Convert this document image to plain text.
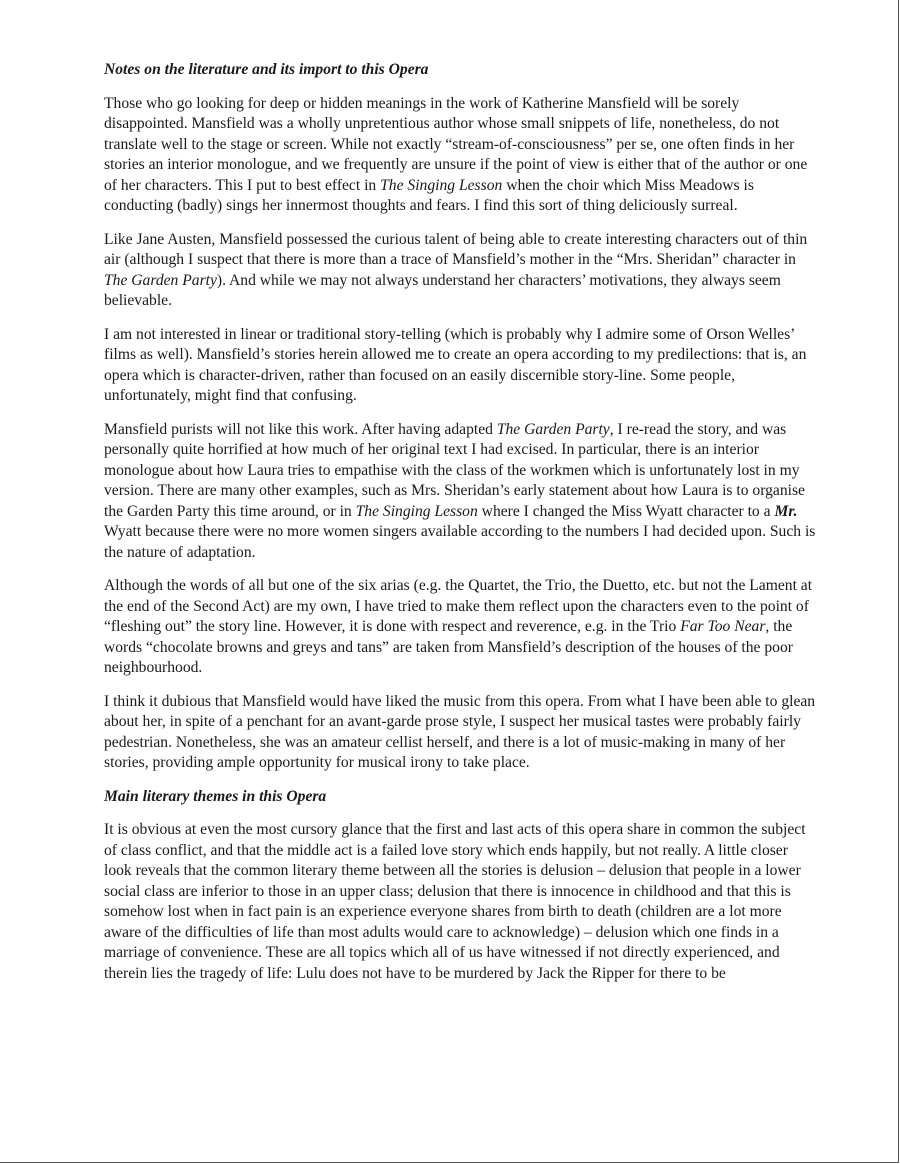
Notes on the literature and its import to this Opera

Those who go looking for deep or hidden meanings in the work of Katherine Mansfield will be sorely disappointed. Mansfield was a wholly unpretentious author whose small snippets of life, nonetheless, do not translate well to the stage or screen. While not exactly “stream-of-consciousness” per se, one often finds in her stories an interior monologue, and we frequently are unsure if the point of view is either that of the author or one of her characters. This I put to best effect in The Singing Lesson when the choir which Miss Meadows is conducting (badly) sings her innermost thoughts and fears. I find this sort of thing deliciously surreal.

Like Jane Austen, Mansfield possessed the curious talent of being able to create interesting characters out of thin air (although I suspect that there is more than a trace of Mansfield’s mother in the “Mrs. Sheridan” character in The Garden Party). And while we may not always understand her characters’ motivations, they always seem believable.

I am not interested in linear or traditional story-telling (which is probably why I admire some of Orson Welles’ films as well). Mansfield’s stories herein allowed me to create an opera according to my predilections: that is, an opera which is character-driven, rather than focused on an easily discernible story-line. Some people, unfortunately, might find that confusing.

Mansfield purists will not like this work. After having adapted The Garden Party, I re-read the story, and was personally quite horrified at how much of her original text I had excised. In particular, there is an interior monologue about how Laura tries to empathise with the class of the workmen which is unfortunately lost in my version. There are many other examples, such as Mrs. Sheridan’s early statement about how Laura is to organise the Garden Party this time around, or in The Singing Lesson where I changed the Miss Wyatt character to a Mr. Wyatt because there were no more women singers available according to the numbers I had decided upon. Such is the nature of adaptation.

Although the words of all but one of the six arias (e.g. the Quartet, the Trio, the Duetto, etc. but not the Lament at the end of the Second Act) are my own, I have tried to make them reflect upon the characters even to the point of “fleshing out” the story line. However, it is done with respect and reverence, e.g. in the Trio Far Too Near, the words “chocolate browns and greys and tans” are taken from Mansfield’s description of the houses of the poor neighbourhood.

I think it dubious that Mansfield would have liked the music from this opera. From what I have been able to glean about her, in spite of a penchant for an avant-garde prose style, I suspect her musical tastes were probably fairly pedestrian. Nonetheless, she was an amateur cellist herself, and there is a lot of music-making in many of her stories, providing ample opportunity for musical irony to take place.

Main literary themes in this Opera

It is obvious at even the most cursory glance that the first and last acts of this opera share in common the subject of class conflict, and that the middle act is a failed love story which ends happily, but not really. A little closer look reveals that the common literary theme between all the stories is delusion – delusion that people in a lower social class are inferior to those in an upper class; delusion that there is innocence in childhood and that this is somehow lost when in fact pain is an experience everyone shares from birth to death (children are a lot more aware of the difficulties of life than most adults would care to acknowledge) – delusion which one finds in a marriage of convenience. These are all topics which all of us have witnessed if not directly experienced, and therein lies the tragedy of life: Lulu does not have to be murdered by Jack the Ripper for there to be
